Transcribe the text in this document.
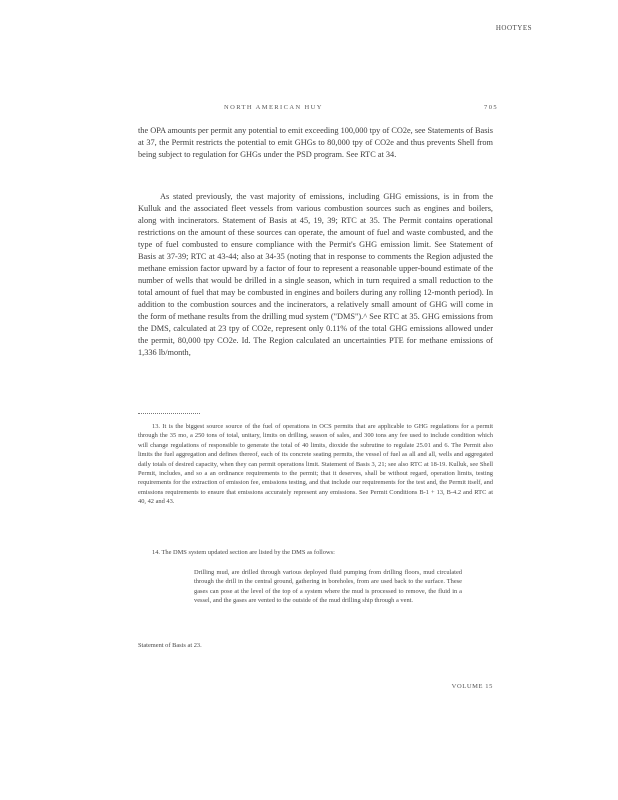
HOOTYES
NORTH AMERICAN HUY	705
the OPA amounts per permit any potential to emit exceeding 100,000 tpy of CO2e, see Statements of Basis at 37, the Permit restricts the potential to emit GHGs to 80,000 tpy of CO2e and thus prevents Shell from being subject to regulation for GHGs under the PSD program. See RTC at 34.
As stated previously, the vast majority of emissions, including GHG emissions, is in from the Kulluk and the associated fleet vessels from various combustion sources such as engines and boilers, along with incinerators. Statement of Basis at 45, 19, 39; RTC at 35. The Permit contains operational restrictions on the amount of these sources can operate, the amount of fuel and waste combusted, and the type of fuel combusted to ensure compliance with the Permit's GHG emission limit. See Statement of Basis at 37-39; RTC at 43-44; also at 34-35 (noting that in response to comments the Region adjusted the methane emission factor upward by a factor of four to represent a reasonable upper-bound estimate of the number of wells that would be drilled in a single season, which in turn required a small reduction to the total amount of fuel that may be combusted in engines and boilers during any rolling 12-month period). In addition to the combustion sources and the incinerators, a relatively small amount of GHG will come in the form of methane results from the drilling mud system ("DMS").^ See RTC at 35. GHG emissions from the DMS, calculated at 23 tpy of CO2e, represent only 0.11% of the total GHG emissions allowed under the permit, 80,000 tpy CO2e. Id. The Region calculated an uncertainties PTE for methane emissions of 1,336 lb/month,
13. It is the biggest source source of the fuel of operations in OCS permits that are applicable to GHG regulations for a permit through the 35 mo, a 250 tons of total, unitary, limits on drilling, season of sales, and 300 tons any fee used to include condition which will change regulations of responsible to generate the total of 40 limits, dioxide the subrutine to regulate 25.01 and 6. The Permit also limits the fuel aggregation and defines thereof, each of its concrete seating permits, the vessel of fuel as all and all, wells and aggregated daily totals of desired capacity, when they can permit operations limit. Statement of Basis 3, 21; see also RTC at 18-19. Kulluk, see Shell Permit, includes, and so a an ordinance requirements to the permit; that it deserves, shall be without regard, operation limits, testing requirements for the extraction of emission fee, emissions testing, and that include our requirements for the test and, the Permit itself, and emissions requirements to ensure that emissions accurately represent any emissions. See Permit Conditions B-1 + 13, B-4.2 and RTC at 40, 42 and 43.
14. The DMS system updated section are listed by the DMS as follows:
Drilling mud, are drilled through various deployed fluid pumping from drilling floors, mud circulated through the drill in the central ground, gathering in boreholes, from are used back to the surface. These gases can pose at the level of the top of a system where the mud is processed to remove, the fluid in a vessel, and the gases are vented to the outside of the mud drilling ship through a vent.
Statement of Basis at 23.
VOLUME 15
